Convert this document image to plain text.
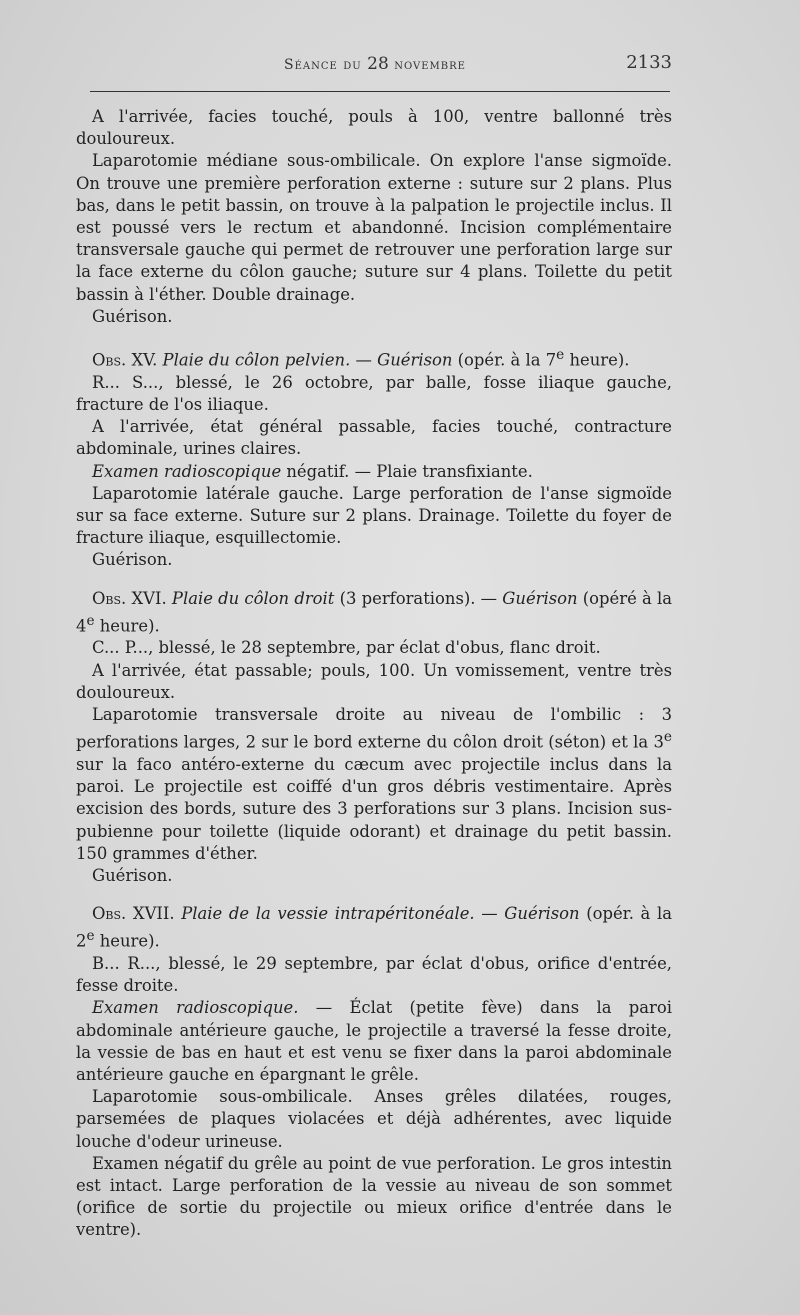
Séance du 28 novembre	2133

A l'arrivée, facies touché, pouls à 100, ventre ballonné très douloureux.

Laparotomie médiane sous-ombilicale. On explore l'anse sigmoïde. On trouve une première perforation externe : suture sur 2 plans. Plus bas, dans le petit bassin, on trouve à la palpation le projectile inclus. Il est poussé vers le rectum et abandonné. Incision complémentaire transversale gauche qui permet de retrouver une perforation large sur la face externe du côlon gauche; suture sur 4 plans. Toilette du petit bassin à l'éther. Double drainage.

Guérison.

Obs. XV. Plaie du côlon pelvien. — Guérison (opér. à la 7e heure).

R... S..., blessé, le 26 octobre, par balle, fosse iliaque gauche, fracture de l'os iliaque.

A l'arrivée, état général passable, facies touché, contracture abdominale, urines claires.

Examen radioscopique négatif. — Plaie transfixiante.

Laparotomie latérale gauche. Large perforation de l'anse sigmoïde sur sa face externe. Suture sur 2 plans. Drainage. Toilette du foyer de fracture iliaque, esquillectomie.

Guérison.

Obs. XVI. Plaie du côlon droit (3 perforations). — Guérison (opéré à la 4e heure).

C... P..., blessé, le 28 septembre, par éclat d'obus, flanc droit.

A l'arrivée, état passable; pouls, 100. Un vomissement, ventre très douloureux.

Laparotomie transversale droite au niveau de l'ombilic : 3 perforations larges, 2 sur le bord externe du côlon droit (séton) et la 3e sur la faco antéro-externe du cæcum avec projectile inclus dans la paroi. Le projectile est coiffé d'un gros débris vestimentaire. Après excision des bords, suture des 3 perforations sur 3 plans. Incision sus-pubienne pour toilette (liquide odorant) et drainage du petit bassin. 150 grammes d'éther.

Guérison.

Obs. XVII. Plaie de la vessie intrapéritonéale. — Guérison (opér. à la 2e heure).

B... R..., blessé, le 29 septembre, par éclat d'obus, orifice d'entrée, fesse droite.

Examen radioscopique. — Éclat (petite fève) dans la paroi abdominale antérieure gauche, le projectile a traversé la fesse droite, la vessie de bas en haut et est venu se fixer dans la paroi abdominale antérieure gauche en épargnant le grêle.

Laparotomie sous-ombilicale. Anses grêles dilatées, rouges, parsemées de plaques violacées et déjà adhérentes, avec liquide louche d'odeur urineuse.

Examen négatif du grêle au point de vue perforation. Le gros intestin est intact. Large perforation de la vessie au niveau de son sommet (orifice de sortie du projectile ou mieux orifice d'entrée dans le ventre).
